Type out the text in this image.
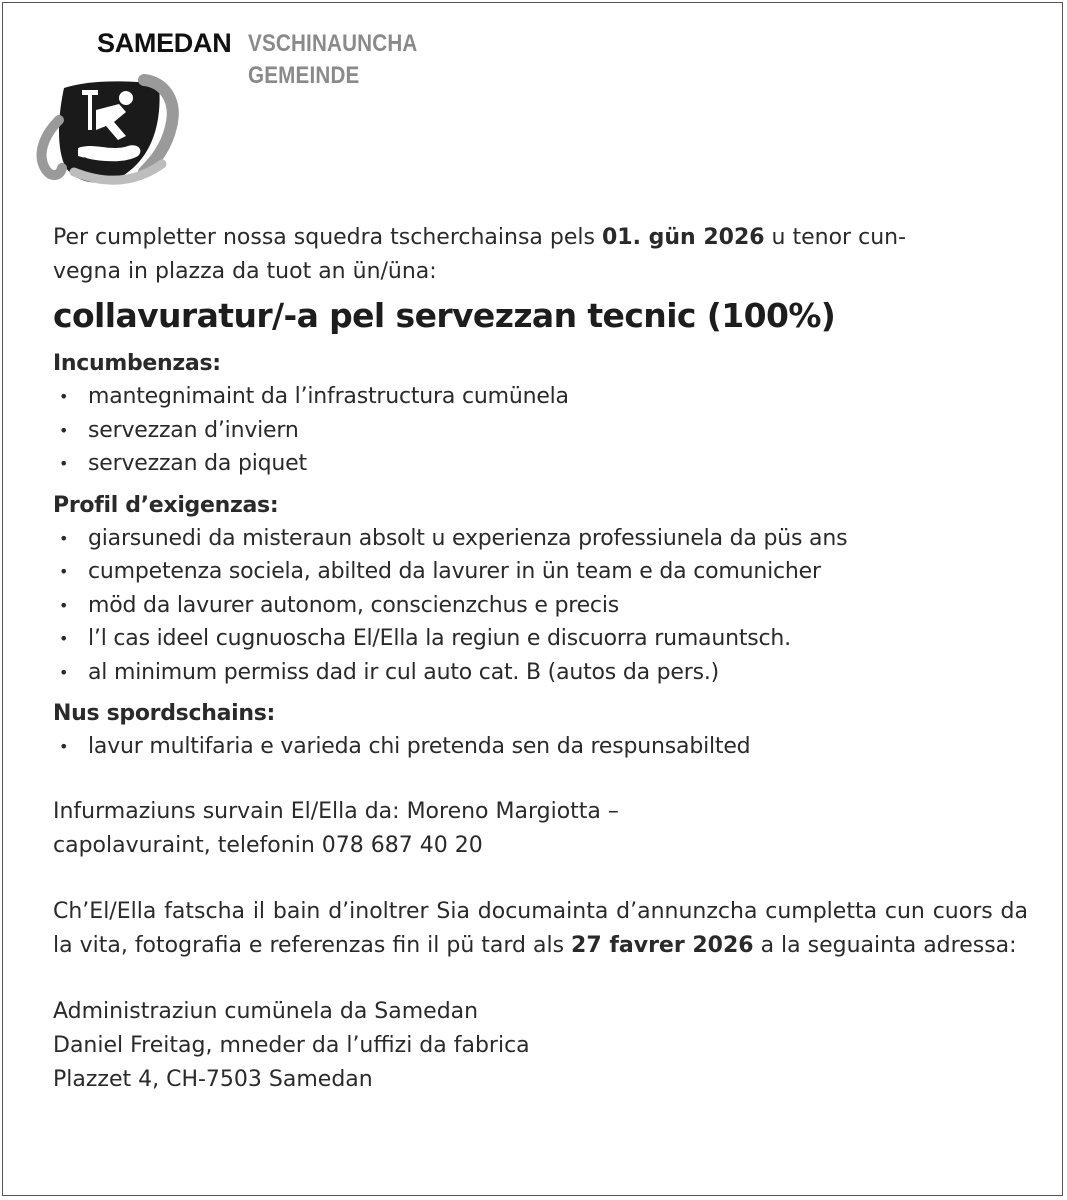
SAMEDAN VSCHINAUNCHA
GEMEINDE

Per cumpletter nossa squedra tscherchainsa pels 01. gün 2026 u tenor cun-
vegna in plazza da tuot an ün/üna:

collavuratur/-a pel servezzan tecnic (100%)
Incumbenzas:
• mantegnimaint da l’infrastructura cumünela
• servezzan d’inviern
• servezzan da piquet
Profil d’exigenzas:
• giarsunedi da misteraun absolt u experienza professiunela da püs ans
• cumpetenza sociela, abilted da lavurer in ün team e da comunicher
• möd da lavurer autonom, conscienzchus e precis
• l’l cas ideel cugnuoscha El/Ella la regiun e discuorra rumauntsch.
• al minimum permiss dad ir cul auto cat. B (autos da pers.)
Nus spordschains:
• lavur multifaria e varieda chi pretenda sen da respunsabilted

Infurmaziuns survain El/Ella da: Moreno Margiotta –
capolavuraint, telefonin 078 687 40 20

Ch’El/Ella fatscha il bain d’inoltrer Sia documainta d’annunzcha cumpletta cun cuors da la vita, fotografia e referenzas fin il pü tard als 27 favrer 2026 a la seguainta adressa:

Administraziun cumünela da Samedan
Daniel Freitag, mneder da l’uffizi da fabrica
Plazzet 4, CH-7503 Samedan
